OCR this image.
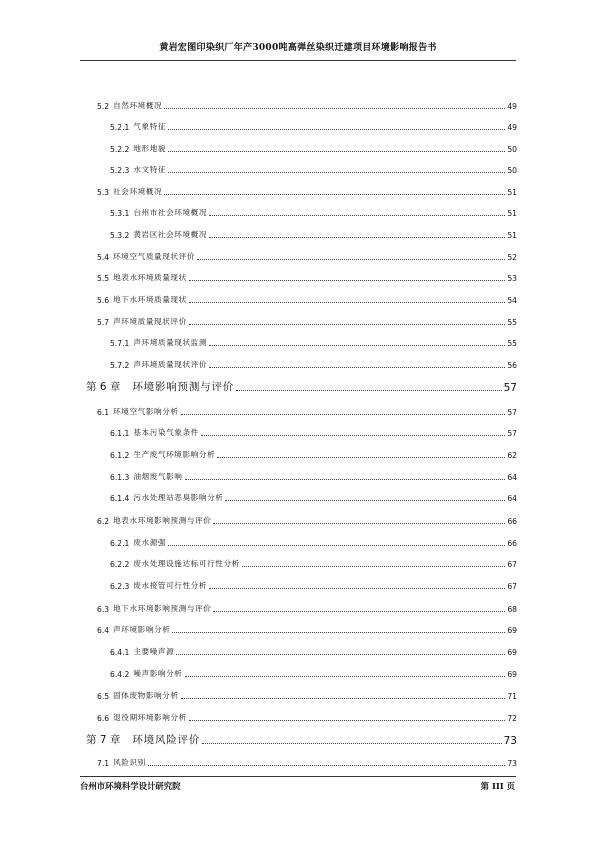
黄岩宏图印染织厂年产3000吨高弹丝染织迁建项目环境影响报告书
5.2 自然环境概况	49
5.2.1 气象特征	49
5.2.2 地形地貌	50
5.2.3 水文特征	50
5.3 社会环境概况	51
5.3.1 台州市社会环境概况	51
5.3.2 黄岩区社会环境概况	51
5.4 环境空气质量现状评价	52
5.5 地表水环境质量现状	53
5.6 地下水环境质量现状	54
5.7 声环境质量现状评价	55
5.7.1 声环境质量现状监测	55
5.7.2 声环境质量现状评价	56
第 6 章 环境影响预测与评价	57
6.1 环境空气影响分析	57
6.1.1 基本污染气象条件	57
6.1.2 生产废气环境影响分析	62
6.1.3 油烟废气影响	64
6.1.4 污水处理站恶臭影响分析	64
6.2 地表水环境影响预测与评价	66
6.2.1 废水源强	66
6.2.2 废水处理设施达标可行性分析	67
6.2.3 废水接管可行性分析	67
6.3 地下水环境影响预测与评价	68
6.4 声环境影响分析	69
6.4.1 主要噪声源	69
6.4.2 噪声影响分析	69
6.5 固体废物影响分析	71
6.6 退役期环境影响分析	72
第 7 章 环境风险评价	73
7.1 风险识别	73
台州市环境科学设计研究院	第 III 页
